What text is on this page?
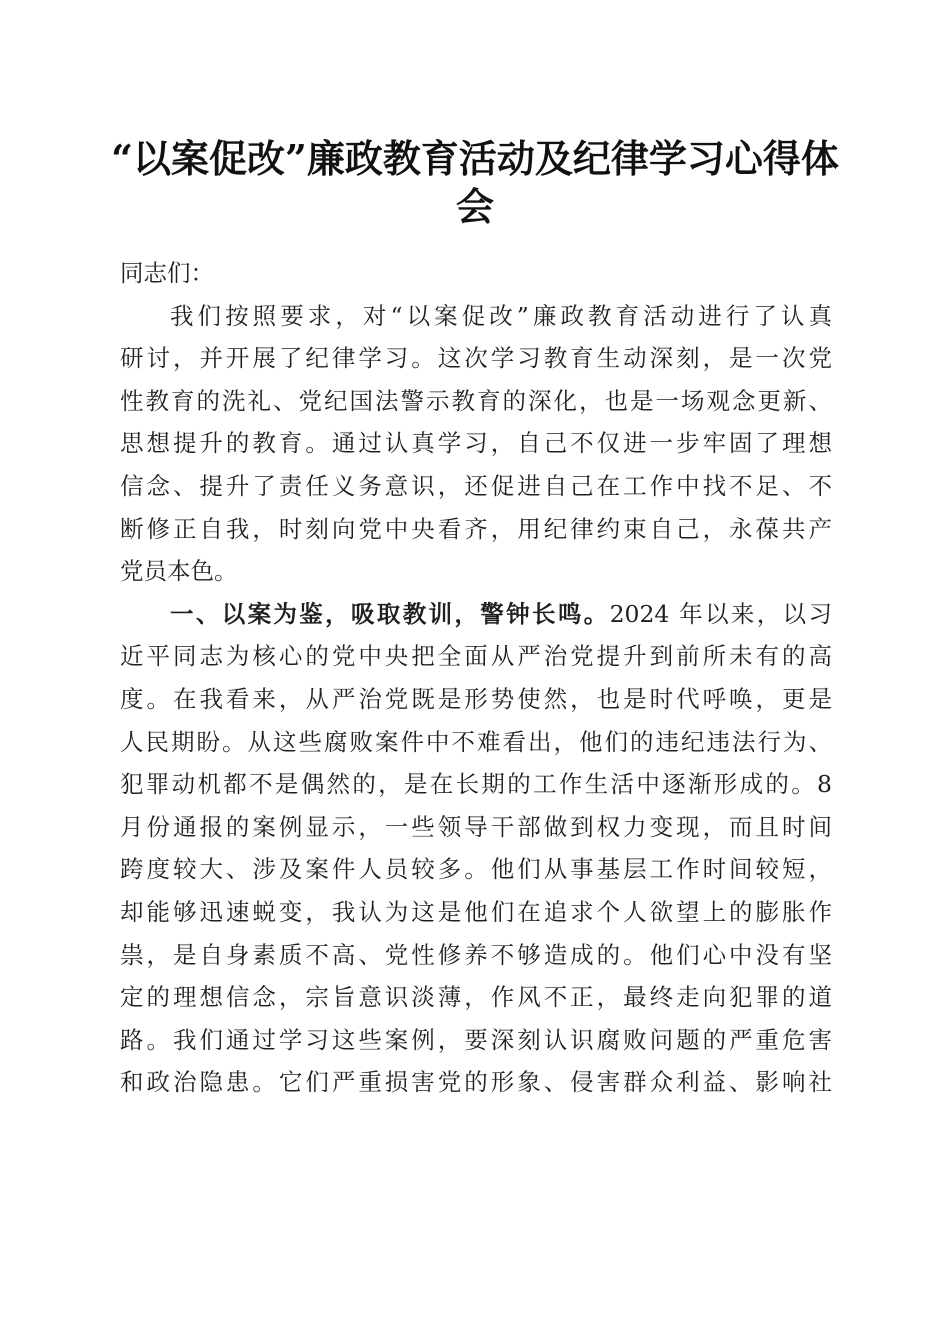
“以案促改”廉政教育活动及纪律学习心得体
会
同志们：
我们按照要求，对“以案促改”廉政教育活动进行了认真
研讨，并开展了纪律学习。这次学习教育生动深刻，是一次党
性教育的洗礼、党纪国法警示教育的深化，也是一场观念更新、
思想提升的教育。通过认真学习，自己不仅进一步牢固了理想
信念、提升了责任义务意识，还促进自己在工作中找不足、不
断修正自我，时刻向党中央看齐，用纪律约束自己，永葆共产
党员本色。
一、以案为鉴，吸取教训，警钟长鸣。2024 年以来，以习
近平同志为核心的党中央把全面从严治党提升到前所未有的高
度。在我看来，从严治党既是形势使然，也是时代呼唤，更是
人民期盼。从这些腐败案件中不难看出，他们的违纪违法行为、
犯罪动机都不是偶然的，是在长期的工作生活中逐渐形成的。8
月份通报的案例显示，一些领导干部做到权力变现，而且时间
跨度较大、涉及案件人员较多。他们从事基层工作时间较短，
却能够迅速蜕变，我认为这是他们在追求个人欲望上的膨胀作
祟，是自身素质不高、党性修养不够造成的。他们心中没有坚
定的理想信念，宗旨意识淡薄，作风不正，最终走向犯罪的道
路。我们通过学习这些案例，要深刻认识腐败问题的严重危害
和政治隐患。它们严重损害党的形象、侵害群众利益、影响社
